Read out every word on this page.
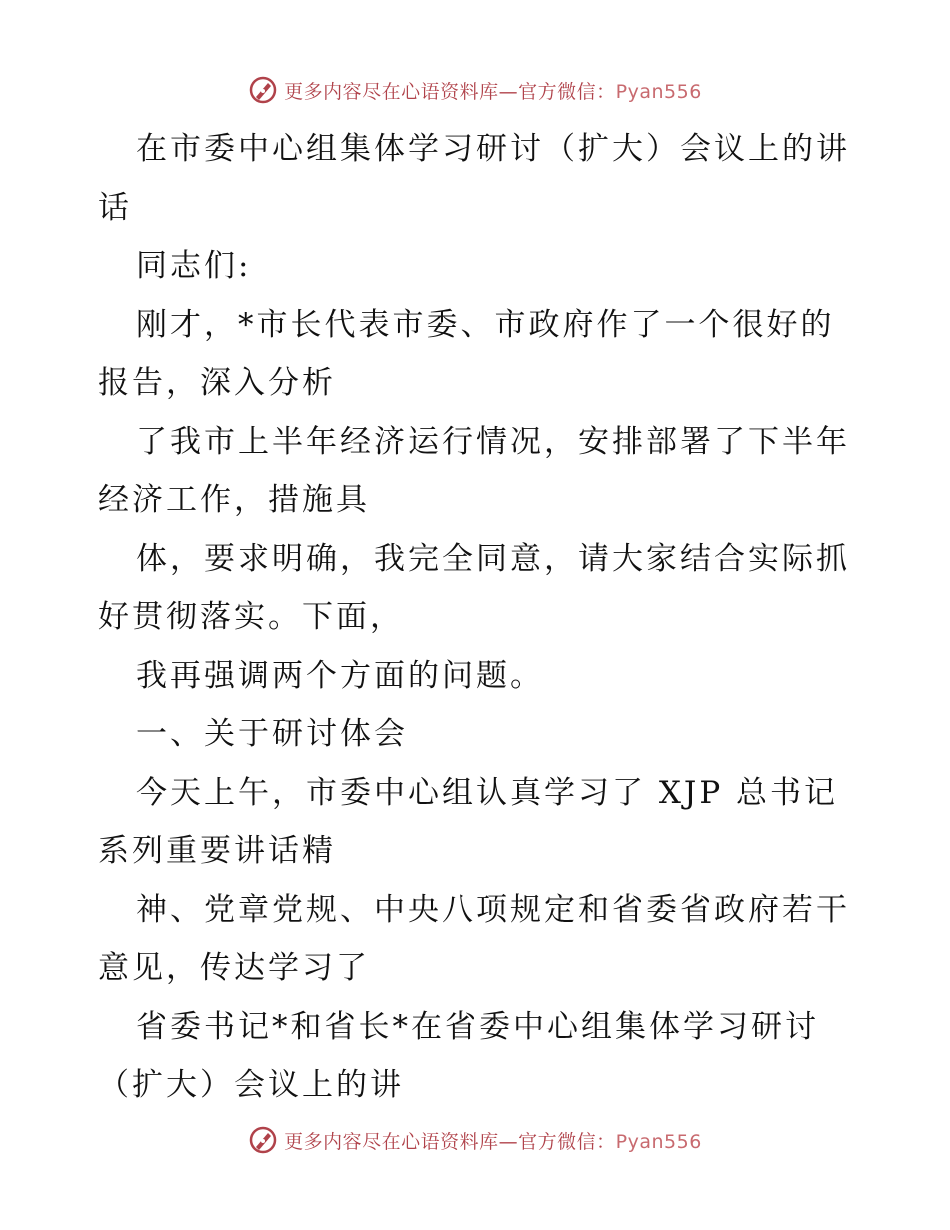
更多内容尽在心语资料库—官方微信：Pyan556
在市委中心组集体学习研讨（扩大）会议上的讲
话
同志们:
刚才，*市长代表市委、市政府作了一个很好的
报告，深入分析
了我市上半年经济运行情况，安排部署了下半年
经济工作，措施具
体，要求明确，我完全同意，请大家结合实际抓
好贯彻落实。下面，
我再强调两个方面的问题。
一、关于研讨体会
今天上午，市委中心组认真学习了 XJP 总书记
系列重要讲话精
神、党章党规、中央八项规定和省委省政府若干
意见，传达学习了
省委书记*和省长*在省委中心组集体学习研讨
（扩大）会议上的讲
更多内容尽在心语资料库—官方微信：Pyan556
